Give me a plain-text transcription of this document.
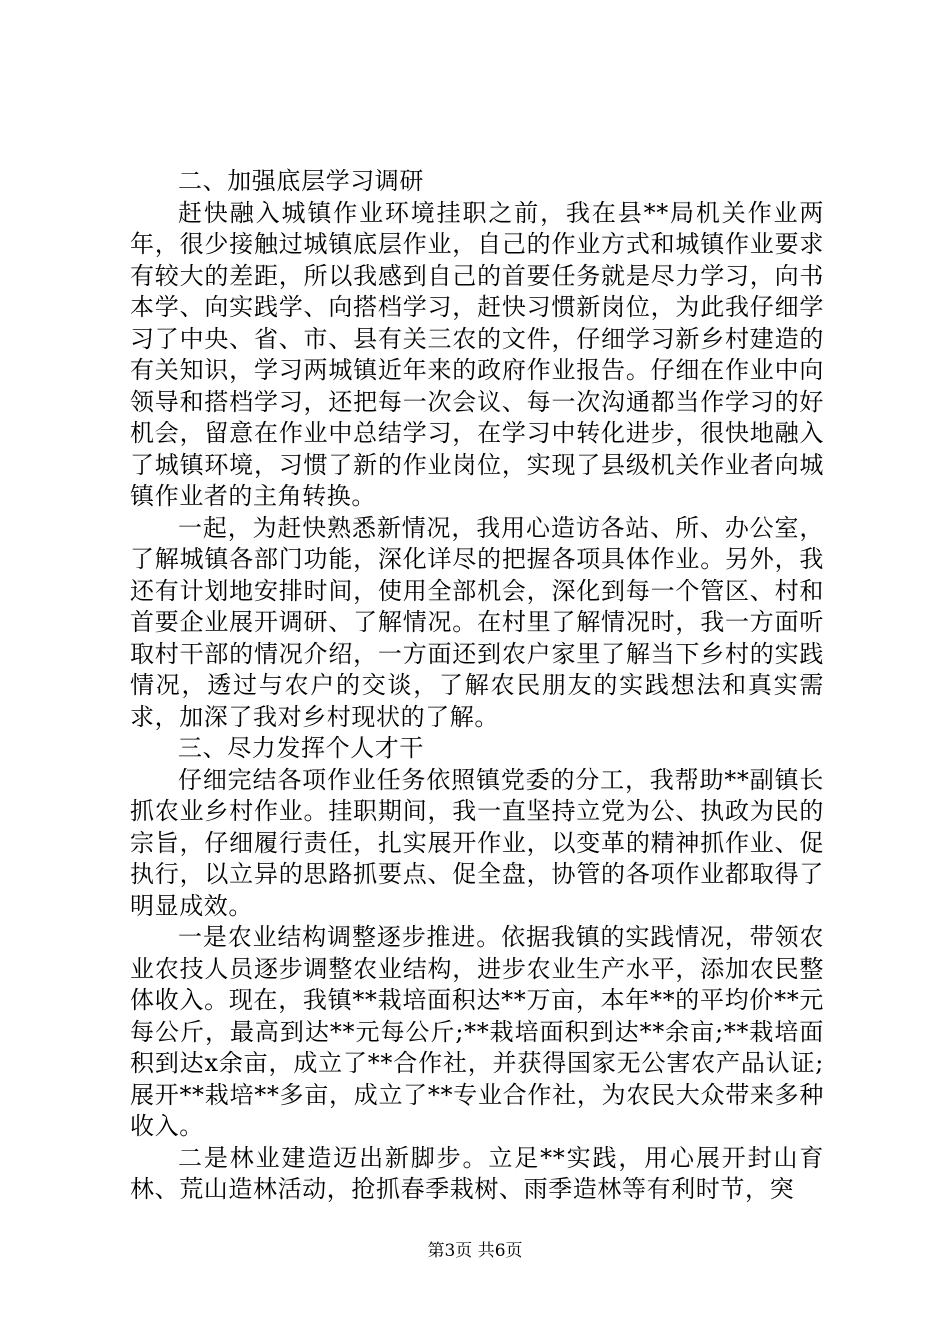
二、加强底层学习调研

赶快融入城镇作业环境挂职之前，我在县**局机关作业两年，很少接触过城镇底层作业，自己的作业方式和城镇作业要求有较大的差距，所以我感到自己的首要任务就是尽力学习，向书本学、向实践学、向搭档学习，赶快习惯新岗位，为此我仔细学习了中央、省、市、县有关三农的文件，仔细学习新乡村建造的有关知识，学习两城镇近年来的政府作业报告。仔细在作业中向领导和搭档学习，还把每一次会议、每一次沟通都当作学习的好机会，留意在作业中总结学习，在学习中转化进步，很快地融入了城镇环境，习惯了新的作业岗位，实现了县级机关作业者向城镇作业者的主角转换。

一起，为赶快熟悉新情况，我用心造访各站、所、办公室，了解城镇各部门功能，深化详尽的把握各项具体作业。另外，我还有计划地安排时间，使用全部机会，深化到每一个管区、村和首要企业展开调研、了解情况。在村里了解情况时，我一方面听取村干部的情况介绍，一方面还到农户家里了解当下乡村的实践情况，透过与农户的交谈，了解农民朋友的实践想法和真实需求，加深了我对乡村现状的了解。

三、尽力发挥个人才干

仔细完结各项作业任务依照镇党委的分工，我帮助**副镇长抓农业乡村作业。挂职期间，我一直坚持立党为公、执政为民的宗旨，仔细履行责任，扎实展开作业，以变革的精神抓作业、促执行，以立异的思路抓要点、促全盘，协管的各项作业都取得了明显成效。

一是农业结构调整逐步推进。依据我镇的实践情况，带领农业农技人员逐步调整农业结构，进步农业生产水平，添加农民整体收入。现在，我镇**栽培面积达**万亩，本年**的平均价**元每公斤，最高到达**元每公斤;**栽培面积到达**余亩;**栽培面积到达x余亩，成立了**合作社，并获得国家无公害农产品认证;展开**栽培**多亩，成立了**专业合作社，为农民大众带来多种收入。

二是林业建造迈出新脚步。立足**实践，用心展开封山育林、荒山造林活动，抢抓春季栽树、雨季造林等有利时节，突

第3页 共6页
